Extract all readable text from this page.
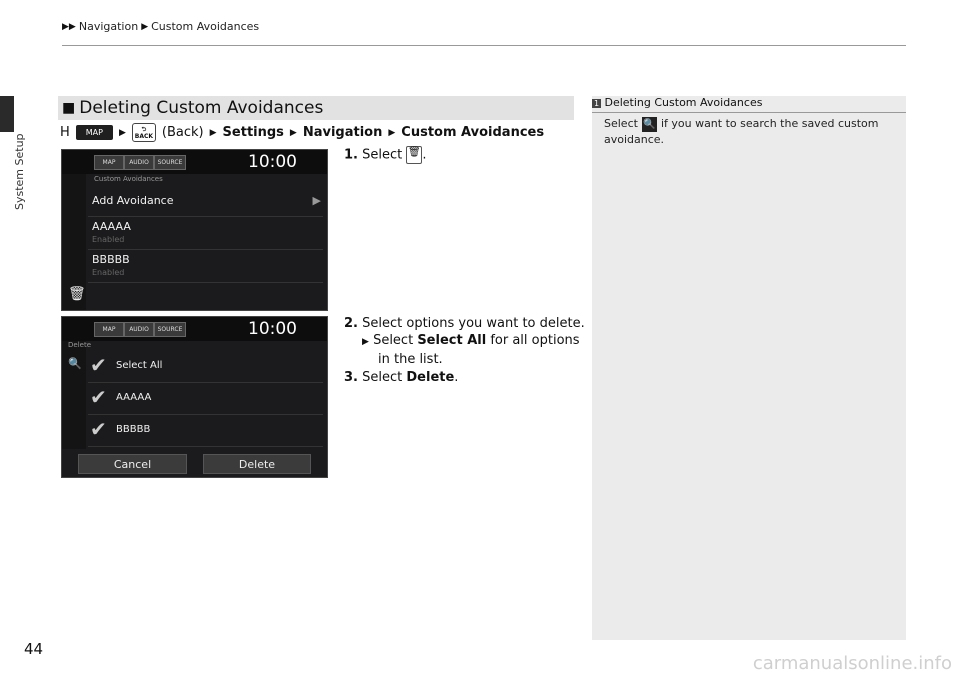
System Setup
44
▶▶ Navigation ▶ Custom Avoidances
■ Deleting Custom Avoidances
H	MAP	▶	⮌
BACK (Back) ▶ Settings ▶ Navigation ▶ Custom Avoidances
MAP	AUDIO	SOURCE	10:00
Custom Avoidances
Add Avoidance	▶
AAAAA
Enabled
BBBBB
Enabled
🗑
MAP	AUDIO	SOURCE	10:00
Delete
🔍 ✔ Select All
✔ AAAAA
✔ BBBBB
Cancel	Delete
1. Select 🗑 .
2. Select options you want to delete.
▶ Select Select All for all options
in the list.
3. Select Delete.
1 Deleting Custom Avoidances
Select 🔍 if you want to search the saved custom avoidance.
carmanualsonline.info
